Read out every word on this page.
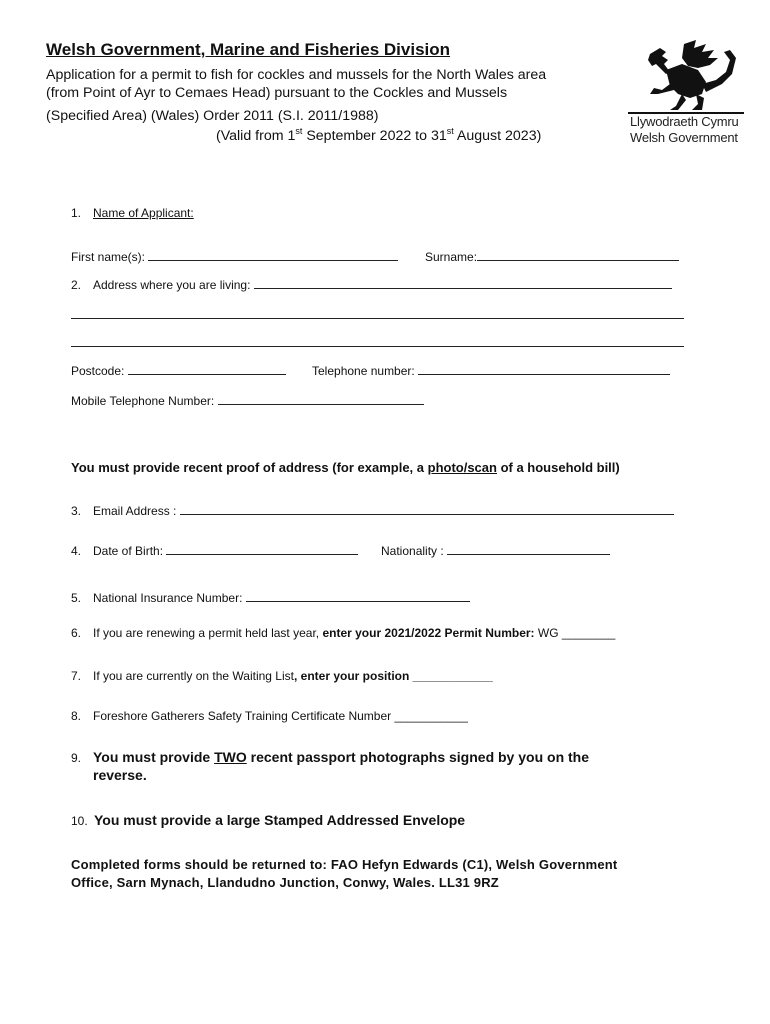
Welsh Government, Marine and Fisheries Division
Application for a permit to fish for cockles and mussels for the North Wales area
(from Point of Ayr to Cemaes Head) pursuant to the Cockles and Mussels
(Specified Area) (Wales) Order 2011 (S.I. 2011/1988)
(Valid from 1st September 2022 to 31st August 2023)
Llywodraeth Cymru
Welsh Government
1. Name of Applicant:
First name(s):	Surname:
2. Address where you are living:
Postcode:	Telephone number:
Mobile Telephone Number:
You must provide recent proof of address (for example, a photo/scan of a household bill)
3. Email Address :
4. Date of Birth:	Nationality :
5. National Insurance Number:
6. If you are renewing a permit held last year, enter your 2021/2022 Permit Number: WG ________
7. If you are currently on the Waiting List, enter your position ____________
8. Foreshore Gatherers Safety Training Certificate Number ___________
9. You must provide TWO recent passport photographs signed by you on the
reverse.
10. You must provide a large Stamped Addressed Envelope
Completed forms should be returned to: FAO Hefyn Edwards (C1), Welsh Government
Office, Sarn Mynach, Llandudno Junction, Conwy, Wales. LL31 9RZ
